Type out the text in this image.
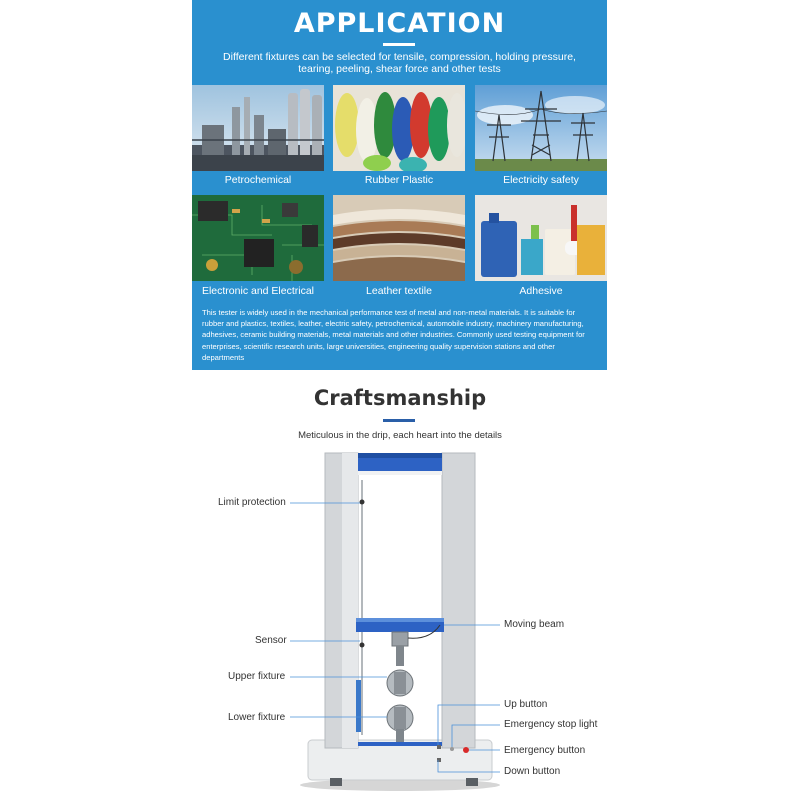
APPLICATION
Different fixtures can be selected for tensile, compression, holding pressure, tearing, peeling, shear force and other tests
Petrochemical	Rubber Plastic	Electricity safety
Electronic and Electrical	Leather textile	Adhesive
This tester is widely used in the mechanical performance test of metal and non-metal materials. It is suitable for rubber and plastics, textiles, leather, electric safety, petrochemical, automobile industry, machinery manufacturing, adhesives, ceramic building materials, metal materials and other industries. Commonly used testing equipment for enterprises, scientific research units, large universities, engineering quality supervision stations and other departments
Craftsmanship
Meticulous in the drip, each heart into the details
Limit protection
Sensor
Upper fixture
Lower fixture
Moving beam
Up button
Emergency stop light
Emergency button
Down button
